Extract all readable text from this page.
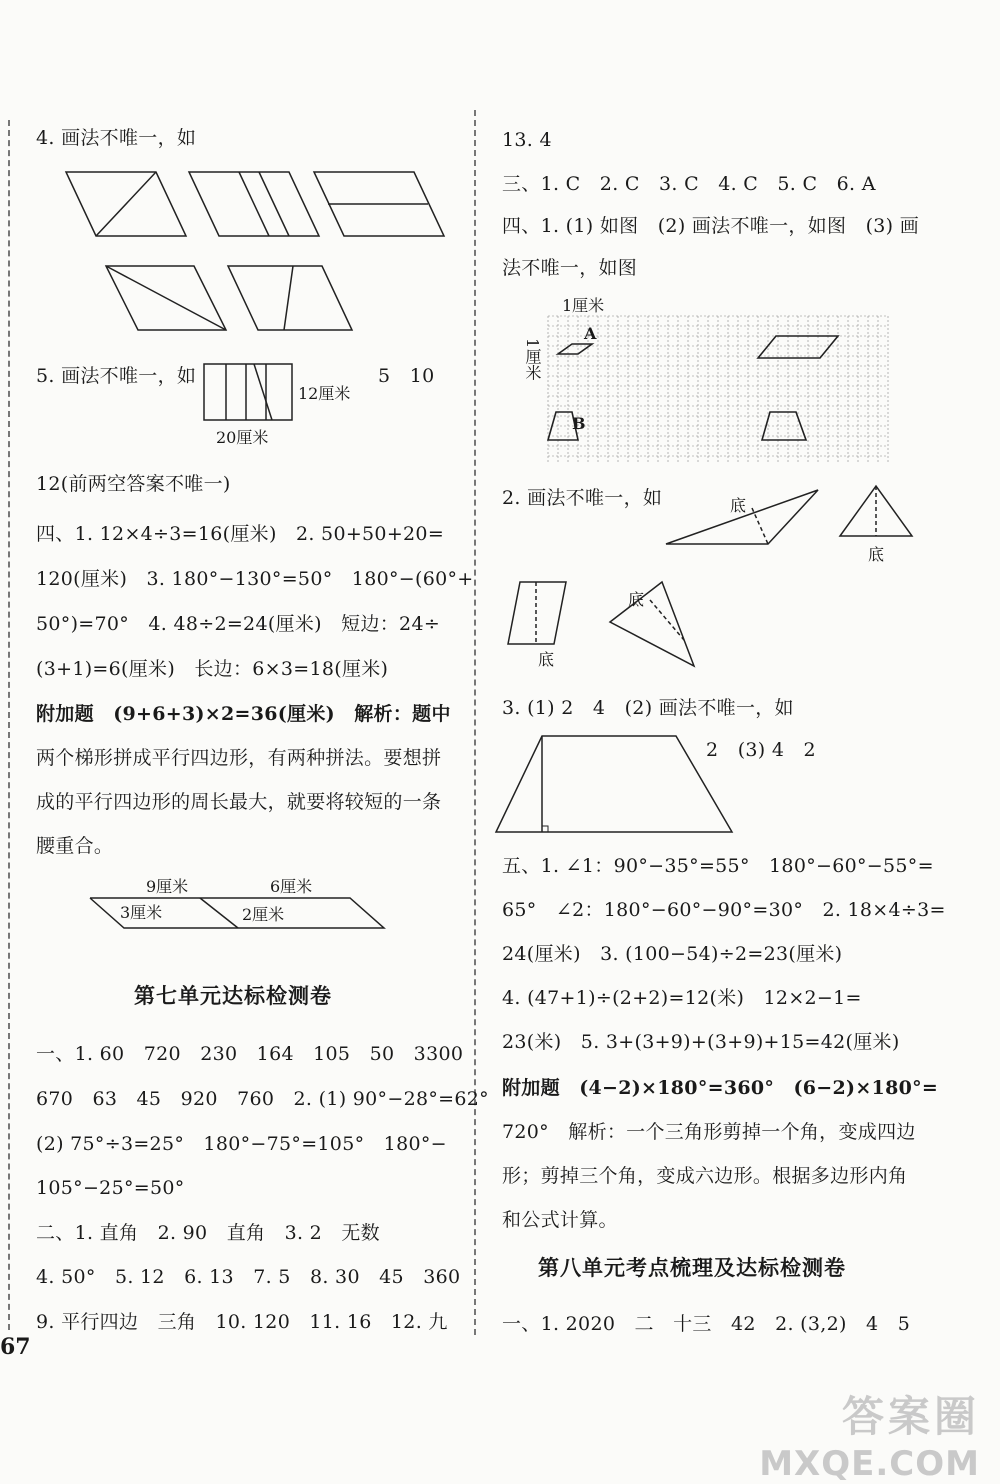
4. 画法不唯一，如
5. 画法不唯一，如
12厘米
20厘米
5　10
12(前两空答案不唯一)
四、1. 12×4÷3=16(厘米)　2. 50+50+20=
120(厘米)　3. 180°−130°=50°　180°−(60°+
50°)=70°　4. 48÷2=24(厘米)　短边：24÷
(3+1)=6(厘米)　长边：6×3=18(厘米)
附加题　(9+6+3)×2=36(厘米)　解析：题中
两个梯形拼成平行四边形，有两种拼法。要想拼
成的平行四边形的周长最大，就要将较短的一条
腰重合。
9厘米	6厘米
3厘米	2厘米
第七单元达标检测卷
一、1. 60　720　230　164　105　50　3300
670　63　45　920　760　2. (1) 90°−28°=62°
(2) 75°÷3=25°　180°−75°=105°　180°−
105°−25°=50°
二、1. 直角　2. 90　直角　3. 2　无数
4. 50°　5. 12　6. 13　7. 5　8. 30　45　360
9. 平行四边　三角　10. 120　11. 16　12. 九
13. 4
三、1. C　2. C　3. C　4. C　5. C　6. A
四、1. (1) 如图　(2) 画法不唯一，如图　(3) 画
法不唯一，如图
1厘米
1厘米
A
B
2. 画法不唯一，如	底
底
底
底
3. (1) 2　4　(2) 画法不唯一，如
2　(3) 4　2
五、1. ∠1：90°−35°=55°　180°−60°−55°=
65°　∠2：180°−60°−90°=30°　2. 18×4÷3=
24(厘米)　3. (100−54)÷2=23(厘米)
4. (47+1)÷(2+2)=12(米)　12×2−1=
23(米)　5. 3+(3+9)+(3+9)+15=42(厘米)
附加题　(4−2)×180°=360°　(6−2)×180°=
720°　解析：一个三角形剪掉一个角，变成四边
形；剪掉三个角，变成六边形。根据多边形内角
和公式计算。
第八单元考点梳理及达标检测卷
一、1. 2020　二　十三　42　2. (3,2)　4　5
67
答案圈
MXQE.COM
